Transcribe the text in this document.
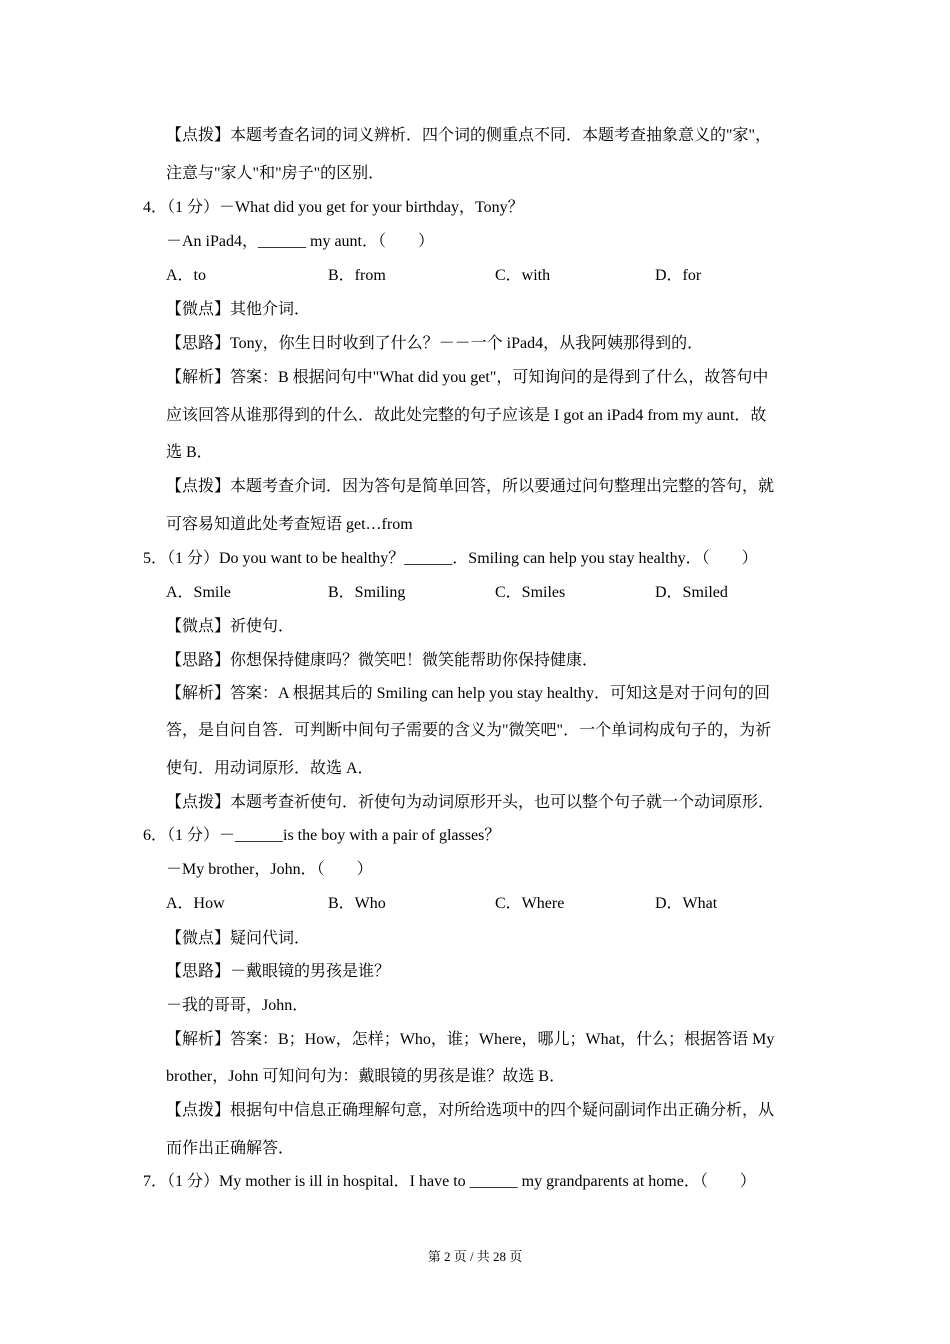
【点拨】本题考查名词的词义辨析．四个词的侧重点不同．本题考查抽象意义的"家"，
注意与"家人"和"房子"的区别．
4．（1 分）－What did you get for your birthday，Tony？
－An iPad4，______ my aunt．（　　）
A．to	B．from	C．with	D．for
【微点】其他介词．
【思路】Tony，你生日时收到了什么？－－一个 iPad4，从我阿姨那得到的．
【解析】答案：B 根据问句中"What did you get"，可知询问的是得到了什么，故答句中
应该回答从谁那得到的什么．故此处完整的句子应该是 I got an iPad4 from my aunt．故
选 B．
【点拨】本题考查介词．因为答句是简单回答，所以要通过问句整理出完整的答句，就
可容易知道此处考查短语 get…from
5．（1 分）Do you want to be healthy？______．Smiling can help you stay healthy．（　　）
A．Smile	B．Smiling	C．Smiles	D．Smiled
【微点】祈使句．
【思路】你想保持健康吗？微笑吧！微笑能帮助你保持健康．
【解析】答案：A 根据其后的 Smiling can help you stay healthy．可知这是对于问句的回
答，是自问自答．可判断中间句子需要的含义为"微笑吧"．一个单词构成句子的，为祈
使句．用动词原形．故选 A．
【点拨】本题考查祈使句．祈使句为动词原形开头，也可以整个句子就一个动词原形．
6．（1 分）－______is the boy with a pair of glasses？
－My brother，John．（　　）
A．How	B．Who	C．Where	D．What
【微点】疑问代词．
【思路】－戴眼镜的男孩是谁？
－我的哥哥，John．
【解析】答案：B；How，怎样；Who，谁；Where，哪儿；What，什么；根据答语 My
brother，John 可知问句为：戴眼镜的男孩是谁？故选 B．
【点拨】根据句中信息正确理解句意，对所给选项中的四个疑问副词作出正确分析，从
而作出正确解答．
7．（1 分）My mother is ill in hospital．I have to ______ my grandparents at home．（　　）
第 2 页 / 共 28 页
